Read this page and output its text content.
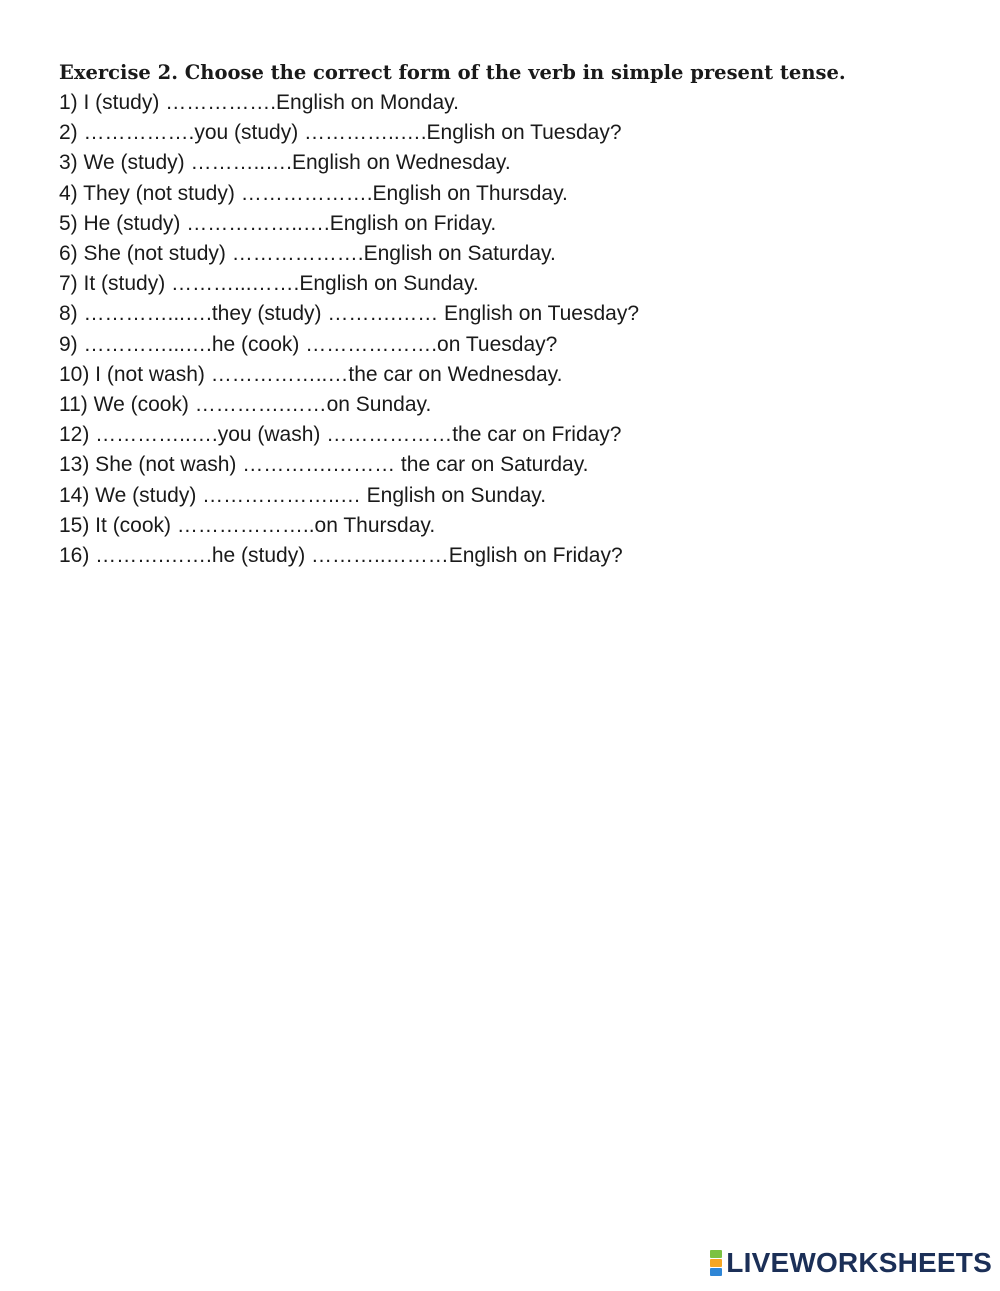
Exercise 2. Choose the correct form of the verb in simple present tense.
1) I (study) …………….English on Monday.
2) …………….you (study) …………..….English on Tuesday?
3) We (study) ………..….English on Wednesday.
4) They (not study) ……………….English on Thursday.
5) He (study) ……………..….English on Friday.
6) She (not study) ……………….English on Saturday.
7) It (study) ………...…….English on Sunday.
8) …………...….they (study) ……….…… English on Tuesday?
9) …………...….he (cook) ……………….on Tuesday?
10) I (not wash) ……………..…the car on Wednesday.
11) We (cook) ………….……on Sunday.
12) …………..….you (wash) ………………the car on Friday?
13) She (not wash) ………….……… the car on Saturday.
14) We (study) ………………..… English on Sunday.
15) It (cook) ………………..on Thursday.
16) ……….…….he (study) ………..………English on Friday?
LIVEWORKSHEETS
